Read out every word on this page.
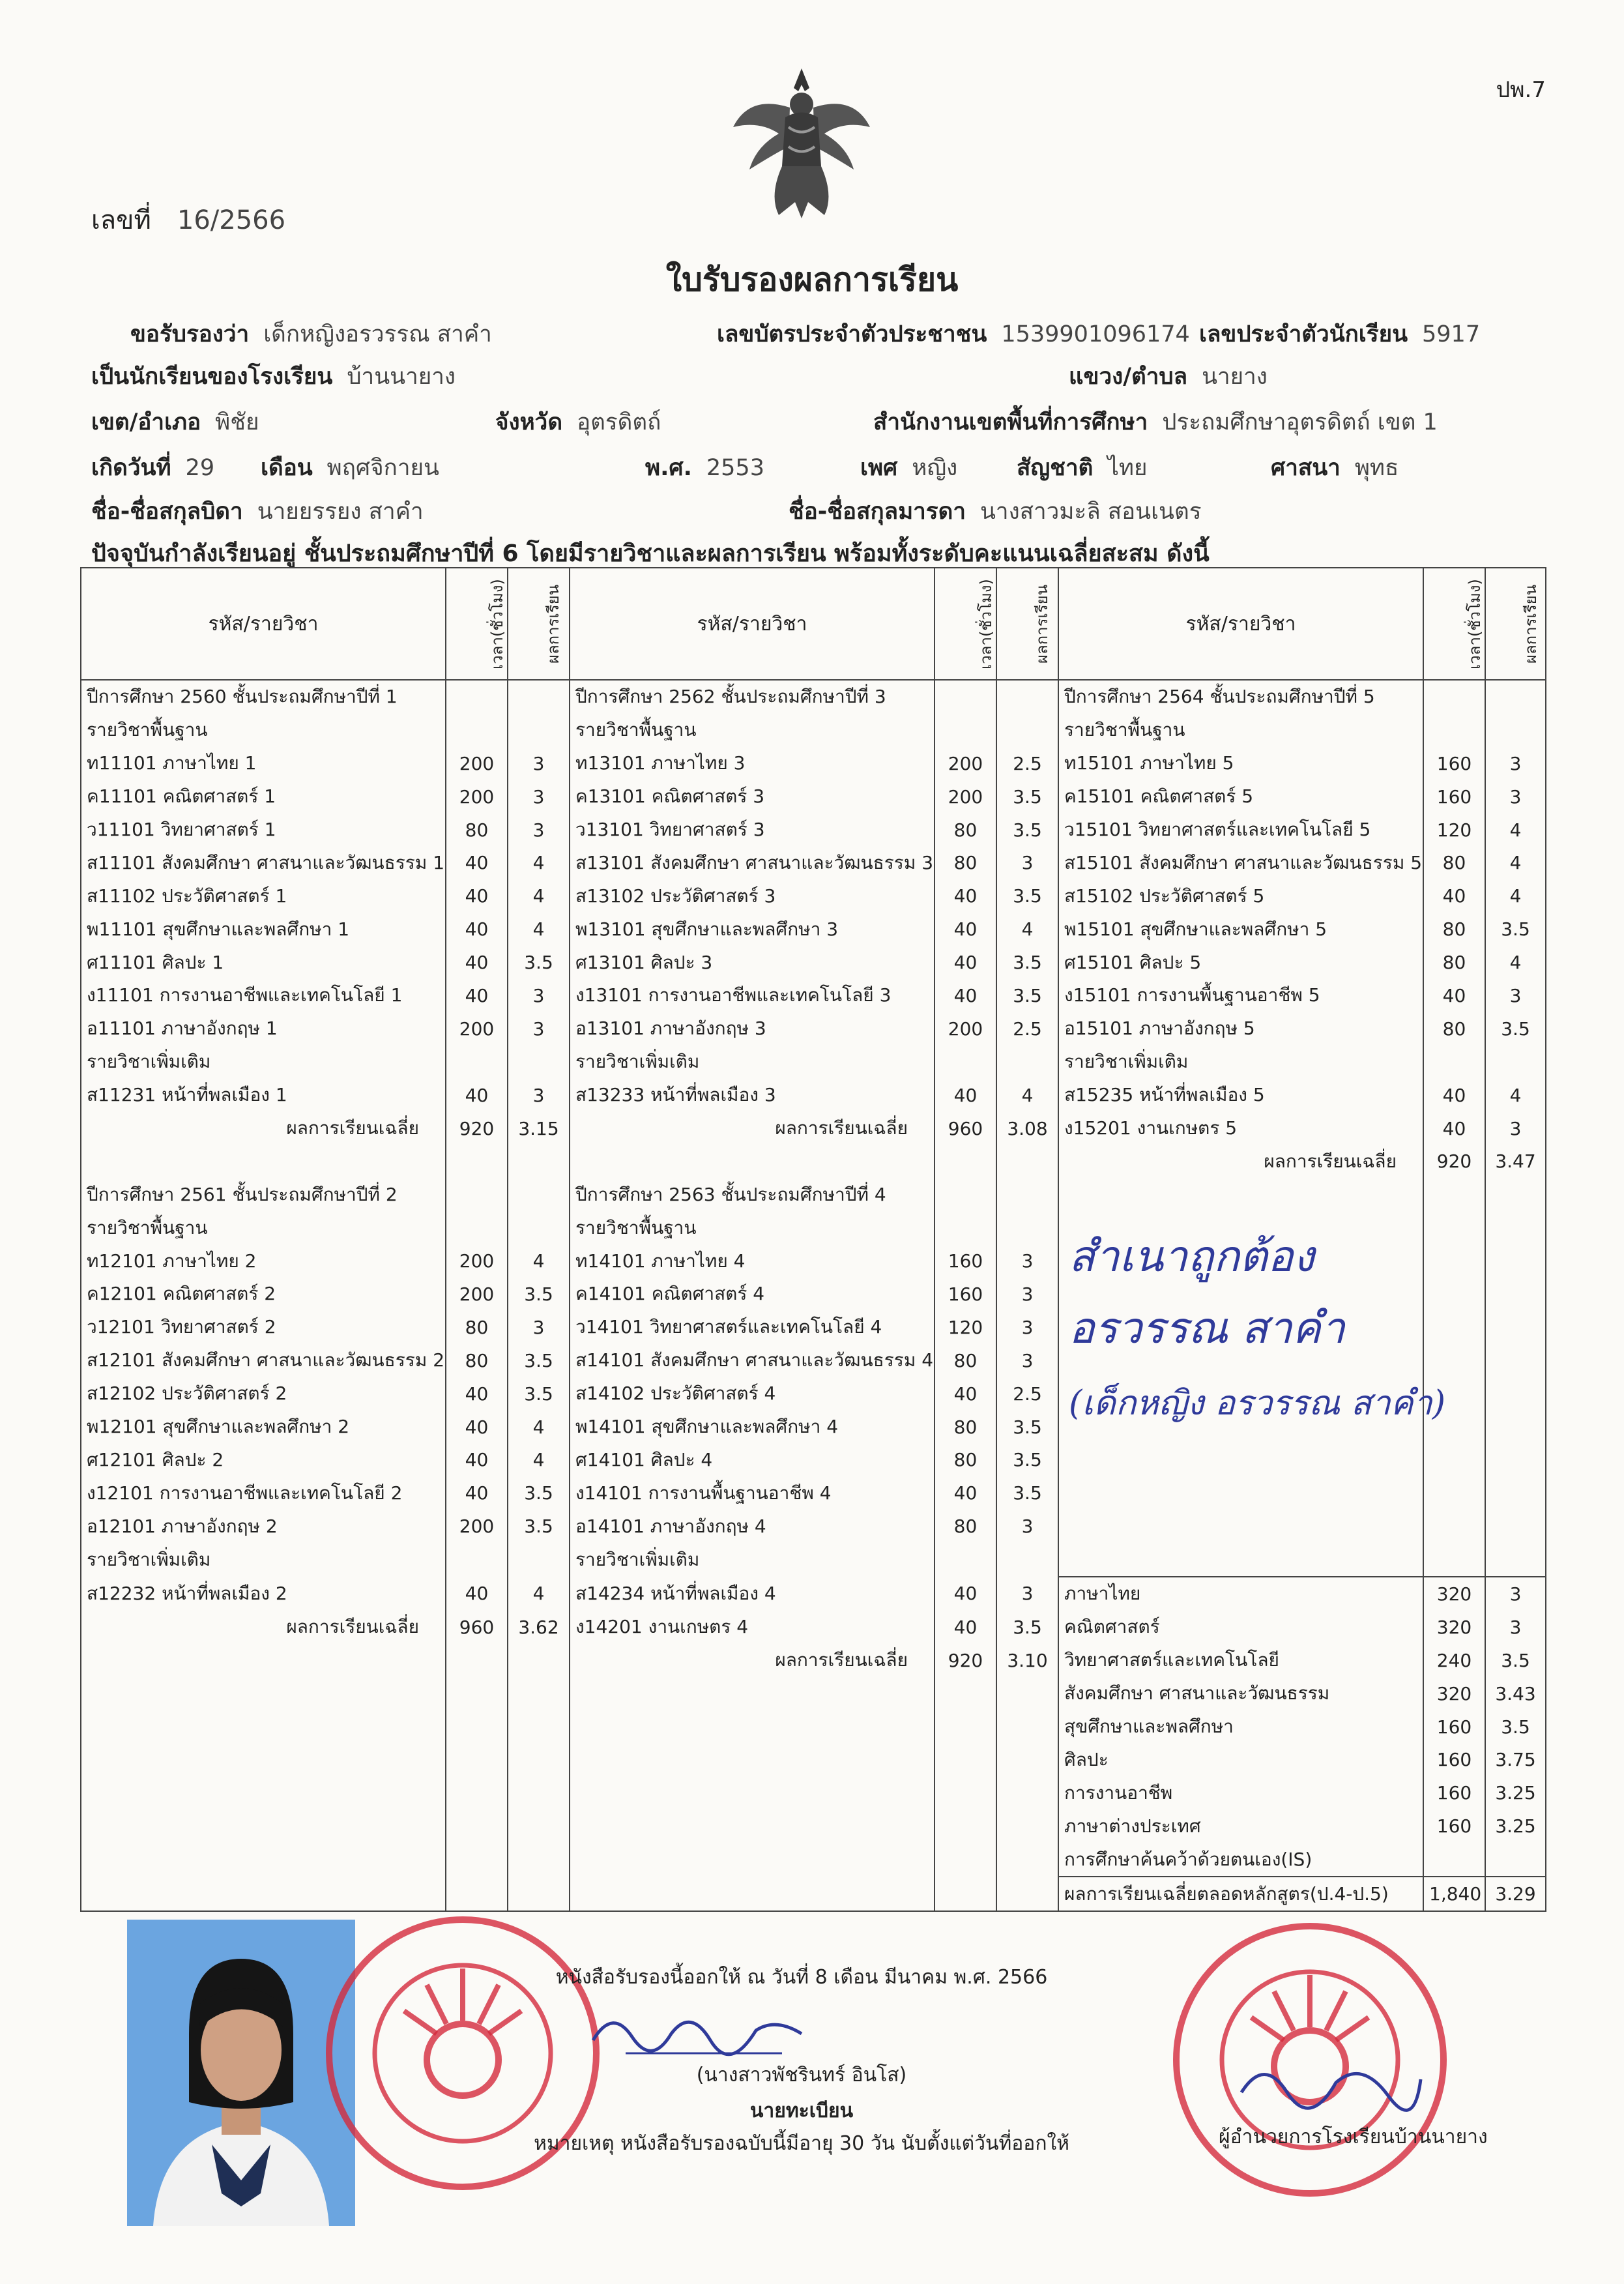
ปพ.7
เลขที่ 16/2566
ใบรับรองผลการเรียน
ขอรับรองว่า เด็กหญิงอรวรรณ สาคำ	เลขบัตรประจำตัวประชาชน 1539901096174 เลขประจำตัวนักเรียน 5917
เป็นนักเรียนของโรงเรียน บ้านนายาง	แขวง/ตำบล นายาง
เขต/อำเภอ พิชัย	จังหวัด อุตรดิตถ์	สำนักงานเขตพื้นที่การศึกษา ประถมศึกษาอุตรดิตถ์ เขต 1
เกิดวันที่ 29 เดือน พฤศจิกายน	พ.ศ. 2553	เพศ หญิง	สัญชาติ ไทย	ศาสนา พุทธ
ชื่อ-ชื่อสกุลบิดา นายยรรยง สาคำ	ชื่อ-ชื่อสกุลมารดา นางสาวมะลิ สอนเนตร
ปัจจุบันกำลังเรียนอยู่ ชั้นประถมศึกษาปีที่ 6 โดยมีรายวิชาและผลการเรียน พร้อมทั้งระดับคะแนนเฉลี่ยสะสม ดังนี้
รหัส/รายวิชา	เวลา(ชั่วโมง)	ผลการเรียน	รหัส/รายวิชา	เวลา(ชั่วโมง)	ผลการเรียน	รหัส/รายวิชา	เวลา(ชั่วโมง)	ผลการเรียน
ปีการศึกษา 2560 ชั้นประถมศึกษาปีที่ 1			ปีการศึกษา 2562 ชั้นประถมศึกษาปีที่ 3			ปีการศึกษา 2564 ชั้นประถมศึกษาปีที่ 5		
รายวิชาพื้นฐาน			รายวิชาพื้นฐาน			รายวิชาพื้นฐาน		
ท11101 ภาษาไทย 1	200	3	ท13101 ภาษาไทย 3	200	2.5	ท15101 ภาษาไทย 5	160	3
ค11101 คณิตศาสตร์ 1	200	3	ค13101 คณิตศาสตร์ 3	200	3.5	ค15101 คณิตศาสตร์ 5	160	3
ว11101 วิทยาศาสตร์ 1	80	3	ว13101 วิทยาศาสตร์ 3	80	3.5	ว15101 วิทยาศาสตร์และเทคโนโลยี 5	120	4
ส11101 สังคมศึกษา ศาสนาและวัฒนธรรม 1	40	4	ส13101 สังคมศึกษา ศาสนาและวัฒนธรรม 3	80	3	ส15101 สังคมศึกษา ศาสนาและวัฒนธรรม 5	80	4
ส11102 ประวัติศาสตร์ 1	40	4	ส13102 ประวัติศาสตร์ 3	40	3.5	ส15102 ประวัติศาสตร์ 5	40	4
พ11101 สุขศึกษาและพลศึกษา 1	40	4	พ13101 สุขศึกษาและพลศึกษา 3	40	4	พ15101 สุขศึกษาและพลศึกษา 5	80	3.5
ศ11101 ศิลปะ 1	40	3.5	ศ13101 ศิลปะ 3	40	3.5	ศ15101 ศิลปะ 5	80	4
ง11101 การงานอาชีพและเทคโนโลยี 1	40	3	ง13101 การงานอาชีพและเทคโนโลยี 3	40	3.5	ง15101 การงานพื้นฐานอาชีพ 5	40	3
อ11101 ภาษาอังกฤษ 1	200	3	อ13101 ภาษาอังกฤษ 3	200	2.5	อ15101 ภาษาอังกฤษ 5	80	3.5
รายวิชาเพิ่มเติม			รายวิชาเพิ่มเติม			รายวิชาเพิ่มเติม		
ส11231 หน้าที่พลเมือง 1	40	3	ส13233 หน้าที่พลเมือง 3	40	4	ส15235 หน้าที่พลเมือง 5	40	4
ผลการเรียนเฉลี่ย	920	3.15	ผลการเรียนเฉลี่ย	960	3.08	ง15201 งานเกษตร 5	40	3
						ผลการเรียนเฉลี่ย	920	3.47
ปีการศึกษา 2561 ชั้นประถมศึกษาปีที่ 2			ปีการศึกษา 2563 ชั้นประถมศึกษาปีที่ 4					
รายวิชาพื้นฐาน			รายวิชาพื้นฐาน					
ท12101 ภาษาไทย 2	200	4	ท14101 ภาษาไทย 4	160	3			
ค12101 คณิตศาสตร์ 2	200	3.5	ค14101 คณิตศาสตร์ 4	160	3			
ว12101 วิทยาศาสตร์ 2	80	3	ว14101 วิทยาศาสตร์และเทคโนโลยี 4	120	3			
ส12101 สังคมศึกษา ศาสนาและวัฒนธรรม 2	80	3.5	ส14101 สังคมศึกษา ศาสนาและวัฒนธรรม 4	80	3			
ส12102 ประวัติศาสตร์ 2	40	3.5	ส14102 ประวัติศาสตร์ 4	40	2.5			
พ12101 สุขศึกษาและพลศึกษา 2	40	4	พ14101 สุขศึกษาและพลศึกษา 4	80	3.5			
ศ12101 ศิลปะ 2	40	4	ศ14101 ศิลปะ 4	80	3.5			
ง12101 การงานอาชีพและเทคโนโลยี 2	40	3.5	ง14101 การงานพื้นฐานอาชีพ 4	40	3.5			
อ12101 ภาษาอังกฤษ 2	200	3.5	อ14101 ภาษาอังกฤษ 4	80	3			
รายวิชาเพิ่มเติม			รายวิชาเพิ่มเติม					
ส12232 หน้าที่พลเมือง 2	40	4	ส14234 หน้าที่พลเมือง 4	40	3	ภาษาไทย	320	3
ผลการเรียนเฉลี่ย	960	3.62	ง14201 งานเกษตร 4	40	3.5	คณิตศาสตร์	320	3
			ผลการเรียนเฉลี่ย	920	3.10	วิทยาศาสตร์และเทคโนโลยี	240	3.5
						สังคมศึกษา ศาสนาและวัฒนธรรม	320	3.43
						สุขศึกษาและพลศึกษา	160	3.5
						ศิลปะ	160	3.75
						การงานอาชีพ	160	3.25
						ภาษาต่างประเทศ	160	3.25
						การศึกษาค้นคว้าด้วยตนเอง(IS)		
						ผลการเรียนเฉลี่ยตลอดหลักสูตร(ป.4-ป.5)	1,840	3.29
สำเนาถูกต้อง
อรวรรณ สาคำ
(เด็กหญิง อรวรรณ สาคำ)
หนังสือรับรองนี้ออกให้ ณ วันที่ 8 เดือน มีนาคม พ.ศ. 2566
(นางสาวพัชรินทร์ อินโส)
นายทะเบียน
หมายเหตุ หนังสือรับรองฉบับนี้มีอายุ 30 วัน นับตั้งแต่วันที่ออกให้	ผู้อำนวยการโรงเรียนบ้านนายาง
